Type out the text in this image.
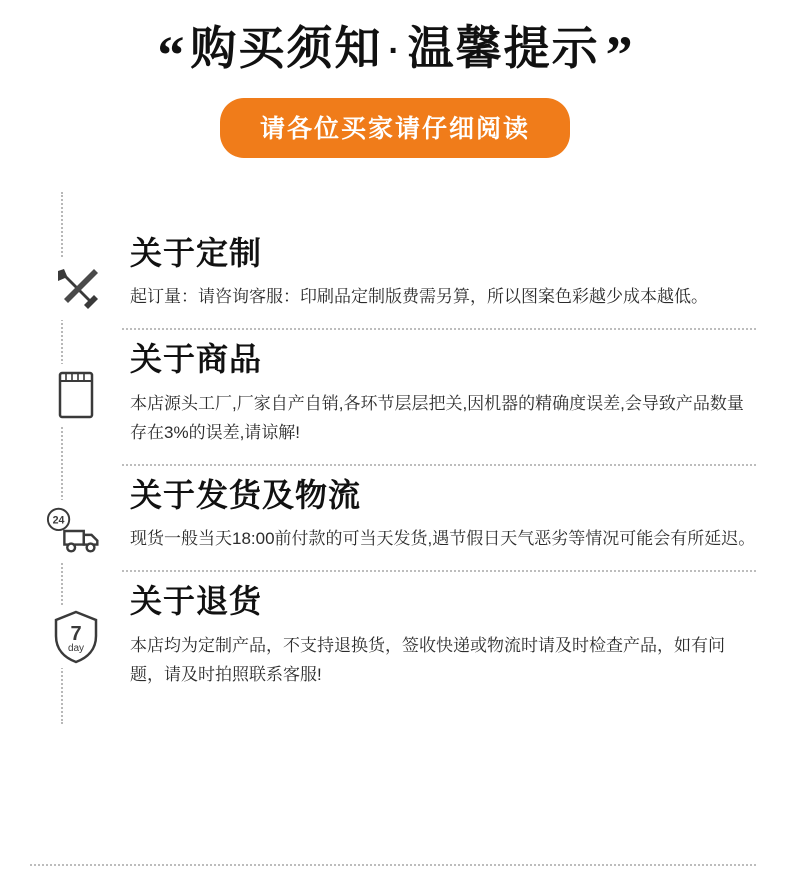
“ 购买须知 · 温馨提示 ”
请各位买家请仔细阅读
关于定制

起订量：请咨询客服：印刷品定制版费需另算，所以图案色彩越少成本越低。

关于商品

本店源头工厂,厂家自产自销,各环节层层把关,因机器的精确度误差,会导致产品数量存在3%的误差,请谅解!

24
关于发货及物流

现货一般当天18:00前付款的可当天发货,遇节假日天气恶劣等情况可能会有所延迟。

7
day
关于退货

本店均为定制产品，不支持退换货，签收快递或物流时请及时检查产品，如有问题，请及时拍照联系客服!
